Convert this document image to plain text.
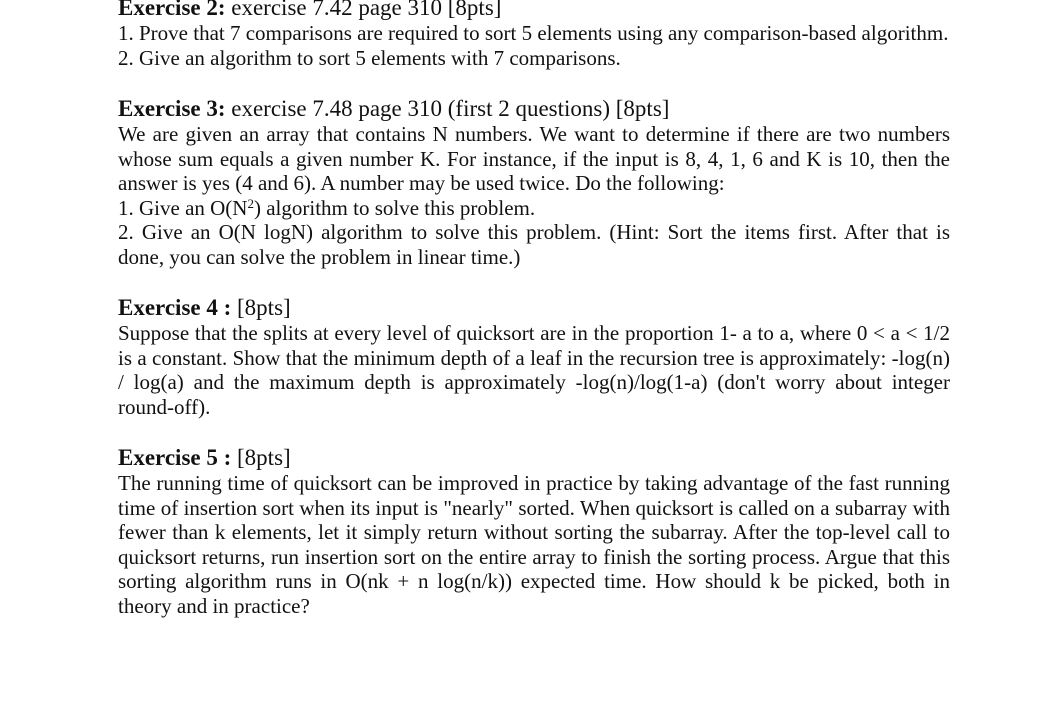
Exercise 2: exercise 7.42 page 310 [8pts]

1. Prove that 7 comparisons are required to sort 5 elements using any comparison-based algorithm.

2. Give an algorithm to sort 5 elements with 7 comparisons.

Exercise 3: exercise 7.48 page 310 (first 2 questions) [8pts]

We are given an array that contains N numbers. We want to determine if there are two numbers whose sum equals a given number K. For instance, if the input is 8, 4, 1, 6 and K is 10, then the answer is yes (4 and 6). A number may be used twice. Do the following:

1. Give an $O(N^2)$ algorithm to solve this problem.

2. Give an O(N logN) algorithm to solve this problem. (Hint: Sort the items first. After that is done, you can solve the problem in linear time.)

Exercise 4 : [8pts]

Suppose that the splits at every level of quicksort are in the proportion 1- a to a, where 0 < a < 1/2 is a constant. Show that the minimum depth of a leaf in the recursion tree is approximately: -log(n) / log(a) and the maximum depth is approximately -log(n)/log(1-a) (don't worry about integer round-off).

Exercise 5 : [8pts]

The running time of quicksort can be improved in practice by taking advantage of the fast running time of insertion sort when its input is "nearly" sorted. When quicksort is called on a subarray with fewer than k elements, let it simply return without sorting the subarray. After the top-level call to quicksort returns, run insertion sort on the entire array to finish the sorting process. Argue that this sorting algorithm runs in O(nk + n log(n/k)) expected time. How should k be picked, both in theory and in practice?
